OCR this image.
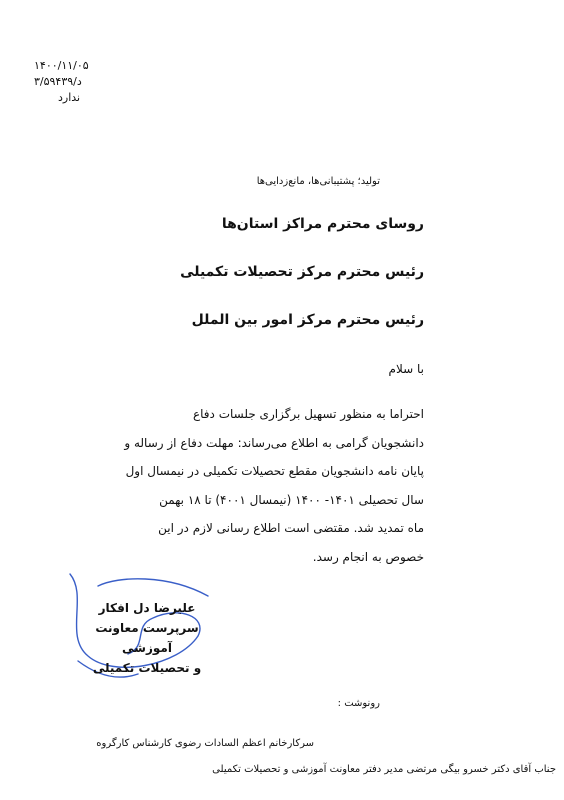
۱۴۰۰/۱۱/۰۵
د/۳/۵۹۴۳۹
ندارد
تولید؛ پشتیبانی‌ها، مانع‌زدایی‌ها
روسای محترم مراکز استان‌ها
رئیس محترم مرکز تحصیلات تکمیلی
رئیس محترم مرکز امور بین الملل
با سلام
احتراما به منظور تسهیل برگزاری جلسات دفاع
دانشجویان گرامی به اطلاع می‌رساند: مهلت دفاع از رساله و
پایان نامه دانشجویان مقطع تحصیلات تکمیلی در نیمسال اول
سال تحصیلی ۱۴۰۱- ۱۴۰۰ (نیمسال ۴۰۰۱) تا ۱۸ بهمن
ماه تمدید شد. مقتضی است اطلاع رسانی لازم در این
خصوص به انجام رسد.
علیرضا دل افکار
سرپرست معاونت آموزشی
و تحصیلات تکمیلی
رونوشت :
سرکارخانم اعظم السادات رضوی کارشناس کارگروه
جناب آقای دکتر خسرو بیگی مرتضی مدیر دفتر معاونت آموزشی و تحصیلات تکمیلی
